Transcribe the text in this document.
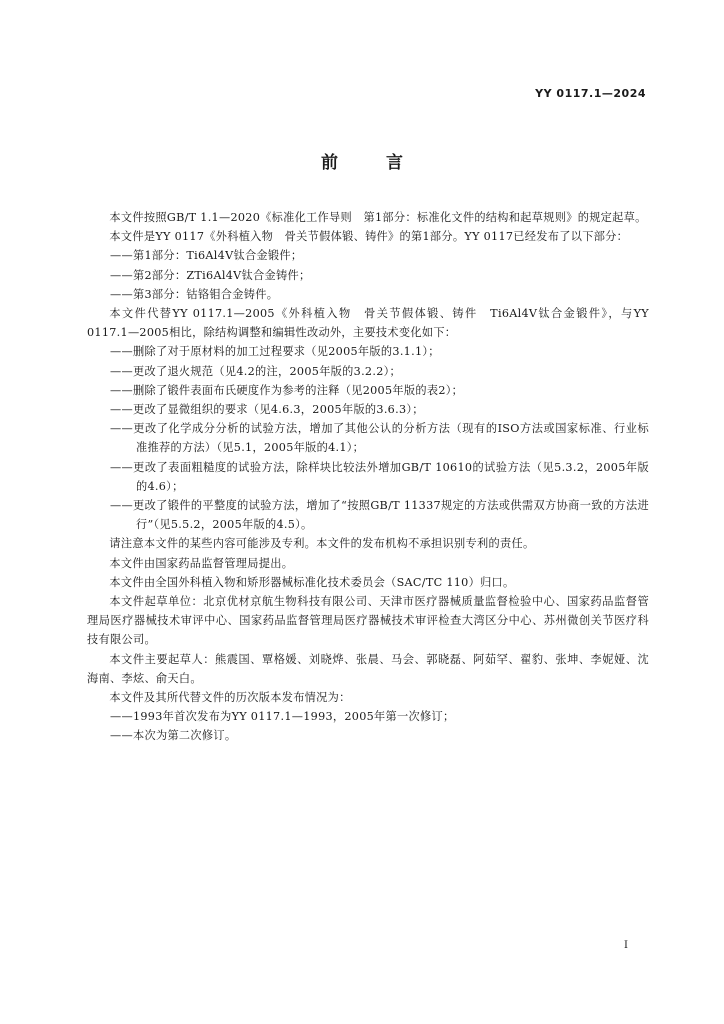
YY 0117.1—2024
前言

本文件按照GB/T 1.1—2020《标准化工作导则　第1部分：标准化文件的结构和起草规则》的规定起草。

本文件是YY 0117《外科植入物　骨关节假体锻、铸件》的第1部分。YY 0117已经发布了以下部分：

——第1部分：Ti6Al4V钛合金锻件；

——第2部分：ZTi6Al4V钛合金铸件；

——第3部分：钴铬钼合金铸件。

本文件代替YY 0117.1—2005《外科植入物　骨关节假体锻、铸件　Ti6Al4V钛合金锻件》，与YY 0117.1—2005相比，除结构调整和编辑性改动外，主要技术变化如下：

——删除了对于原材料的加工过程要求（见2005年版的3.1.1）；

——更改了退火规范（见4.2的注，2005年版的3.2.2）；

——删除了锻件表面布氏硬度作为参考的注释（见2005年版的表2）；

——更改了显微组织的要求（见4.6.3，2005年版的3.6.3）；

——更改了化学成分分析的试验方法，增加了其他公认的分析方法（现有的ISO方法或国家标准、行业标准推荐的方法）（见5.1，2005年版的4.1）；

——更改了表面粗糙度的试验方法，除样块比较法外增加GB/T 10610的试验方法（见5.3.2，2005年版的4.6）；

——更改了锻件的平整度的试验方法，增加了“按照GB/T 11337规定的方法或供需双方协商一致的方法进行”（见5.5.2，2005年版的4.5）。

请注意本文件的某些内容可能涉及专利。本文件的发布机构不承担识别专利的责任。

本文件由国家药品监督管理局提出。

本文件由全国外科植入物和矫形器械标准化技术委员会（SAC/TC 110）归口。

本文件起草单位：北京优材京航生物科技有限公司、天津市医疗器械质量监督检验中心、国家药品监督管理局医疗器械技术审评中心、国家药品监督管理局医疗器械技术审评检查大湾区分中心、苏州微创关节医疗科技有限公司。

本文件主要起草人：熊震国、覃格媛、刘晓烨、张晨、马会、郭晓磊、阿茹罕、翟豹、张坤、李妮娅、沈海南、李炫、俞天白。

本文件及其所代替文件的历次版本发布情况为：

——1993年首次发布为YY 0117.1—1993，2005年第一次修订；

——本次为第二次修订。

I
